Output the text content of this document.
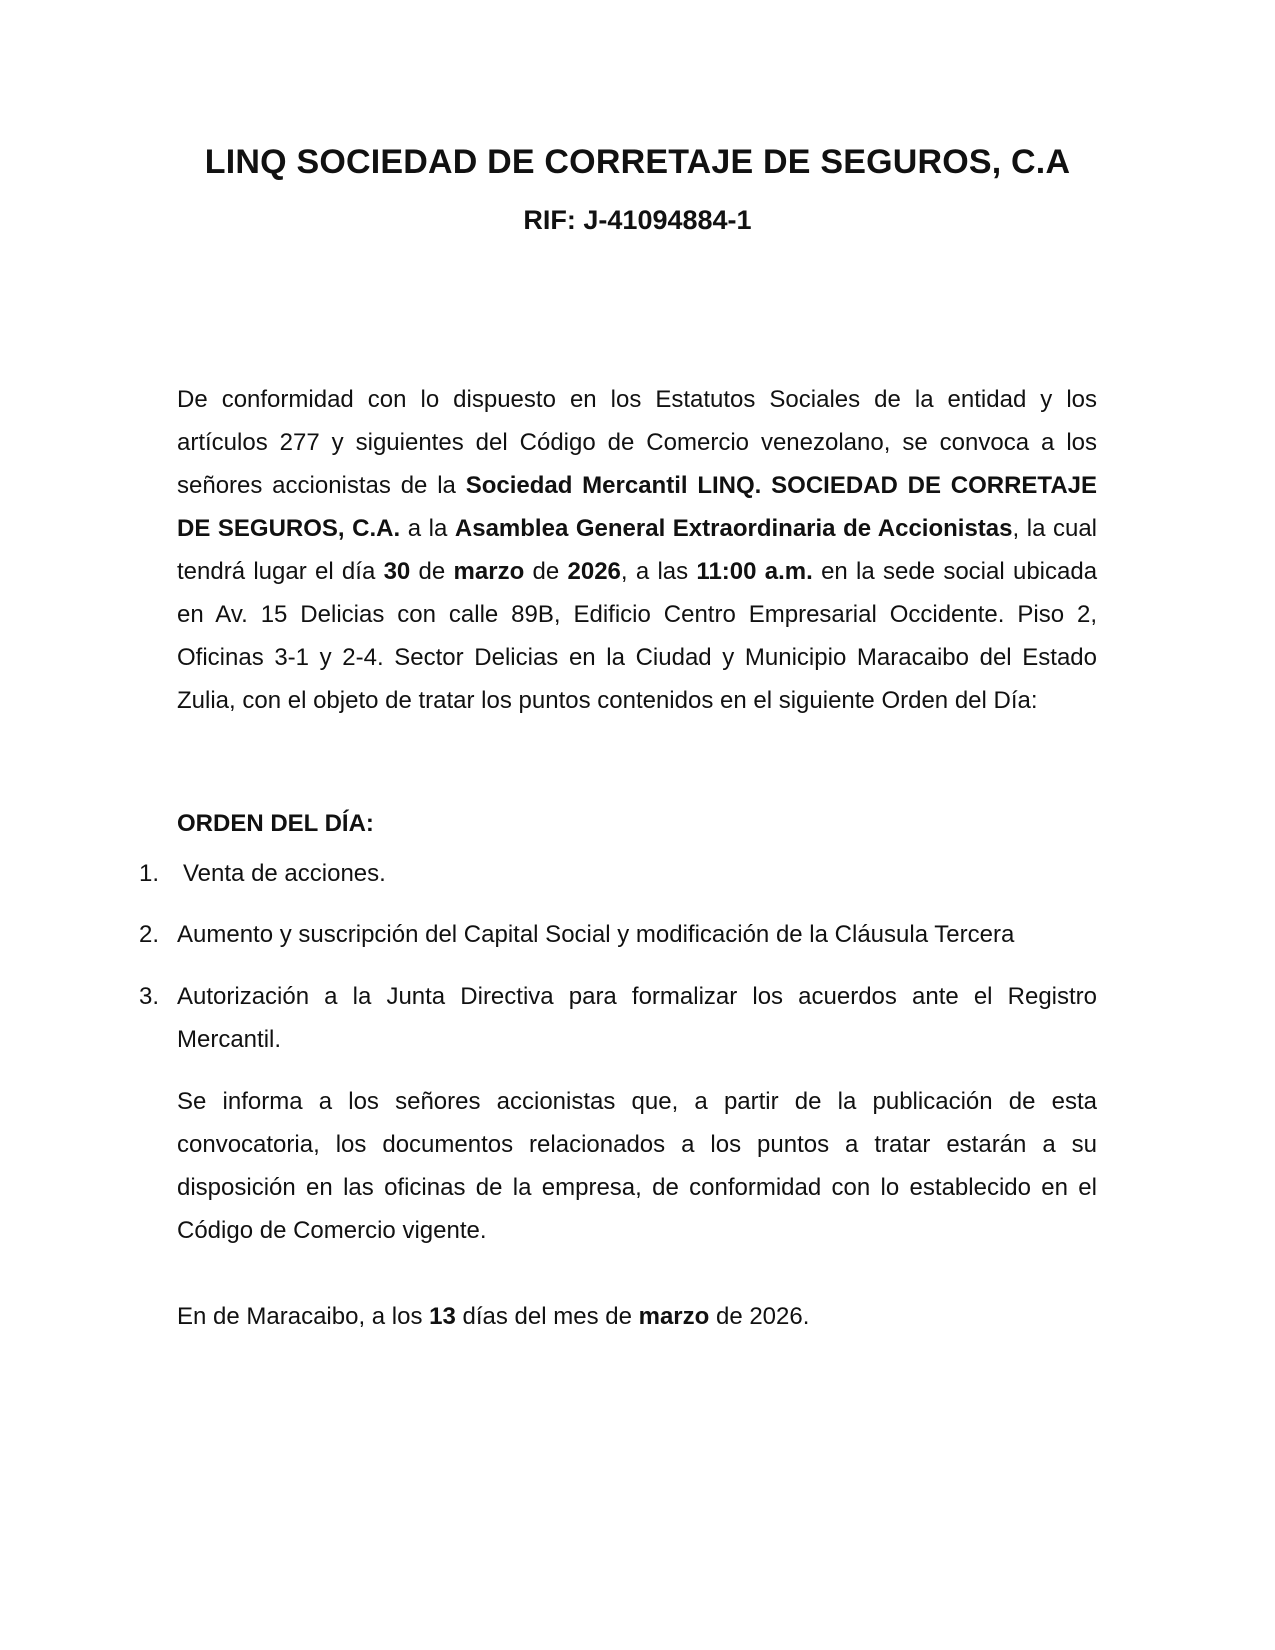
LINQ SOCIEDAD DE CORRETAJE DE SEGUROS, C.A
RIF: J-41094884-1
De conformidad con lo dispuesto en los Estatutos Sociales de la entidad y los artículos 277 y siguientes del Código de Comercio venezolano, se convoca a los señores accionistas de la Sociedad Mercantil LINQ. SOCIEDAD DE CORRETAJE DE SEGUROS, C.A. a la Asamblea General Extraordinaria de Accionistas, la cual tendrá lugar el día 30 de marzo de 2026, a las 11:00 a.m. en la sede social ubicada en Av. 15 Delicias con calle 89B, Edificio Centro Empresarial Occidente. Piso 2, Oficinas 3-1 y 2-4. Sector Delicias en la Ciudad y Municipio Maracaibo del Estado Zulia, con el objeto de tratar los puntos contenidos en el siguiente Orden del Día:
ORDEN DEL DÍA:
1. Venta de acciones.
2. Aumento y suscripción del Capital Social y modificación de la Cláusula Tercera
3. Autorización a la Junta Directiva para formalizar los acuerdos ante el Registro Mercantil.
Se informa a los señores accionistas que, a partir de la publicación de esta convocatoria, los documentos relacionados a los puntos a tratar estarán a su disposición en las oficinas de la empresa, de conformidad con lo establecido en el Código de Comercio vigente.
En de Maracaibo, a los 13 días del mes de marzo de 2026.
